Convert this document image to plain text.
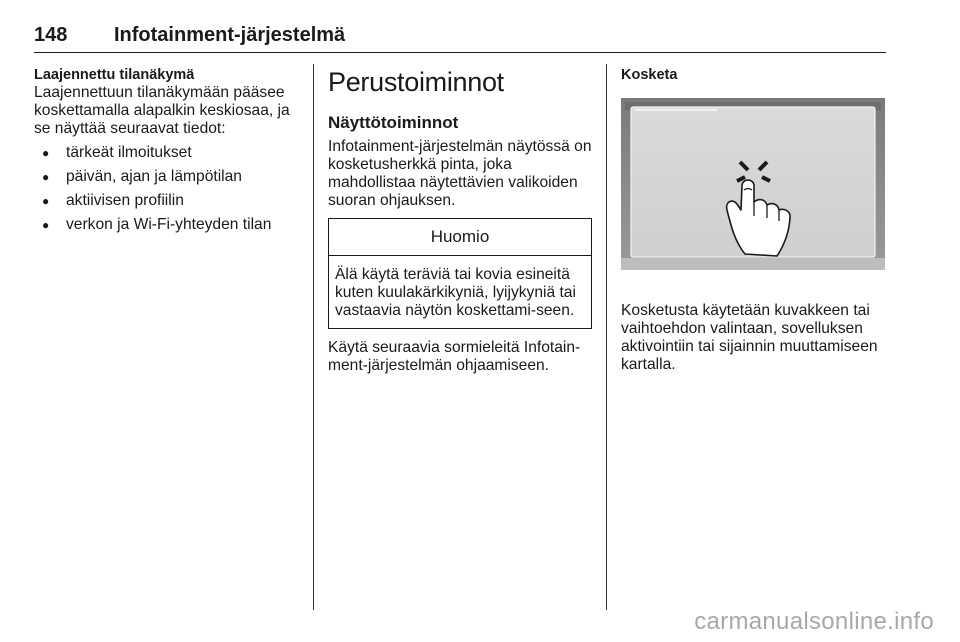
148 Infotainment-järjestelmä
Laajennettu tilanäkymä

Laajennettuun tilanäkymään pääsee koskettamalla alapalkin keskiosaa, ja se näyttää seuraavat tiedot:

● tärkeät ilmoitukset
● päivän, ajan ja lämpötilan
● aktiivisen profiilin
● verkon ja Wi-Fi-yhteyden tilan
Perustoiminnot
Näyttötoiminnot

Infotainment-järjestelmän näytössä on kosketusherkkä pinta, joka mahdollistaa näytettävien valikoiden suoran ohjauksen.

Huomio
Älä käytä teräviä tai kovia esineitä kuten kuulakärkikyniä, lyijykyniä tai vastaavia näytön koskettami-seen.

Käytä seuraavia sormieleitä Infotain-ment-järjestelmän ohjaamiseen.

Kosketa

Kosketusta käytetään kuvakkeen tai vaihtoehdon valintaan, sovelluksen aktivointiin tai sijainnin muuttamiseen kartalla.

carmanualsonline.info
